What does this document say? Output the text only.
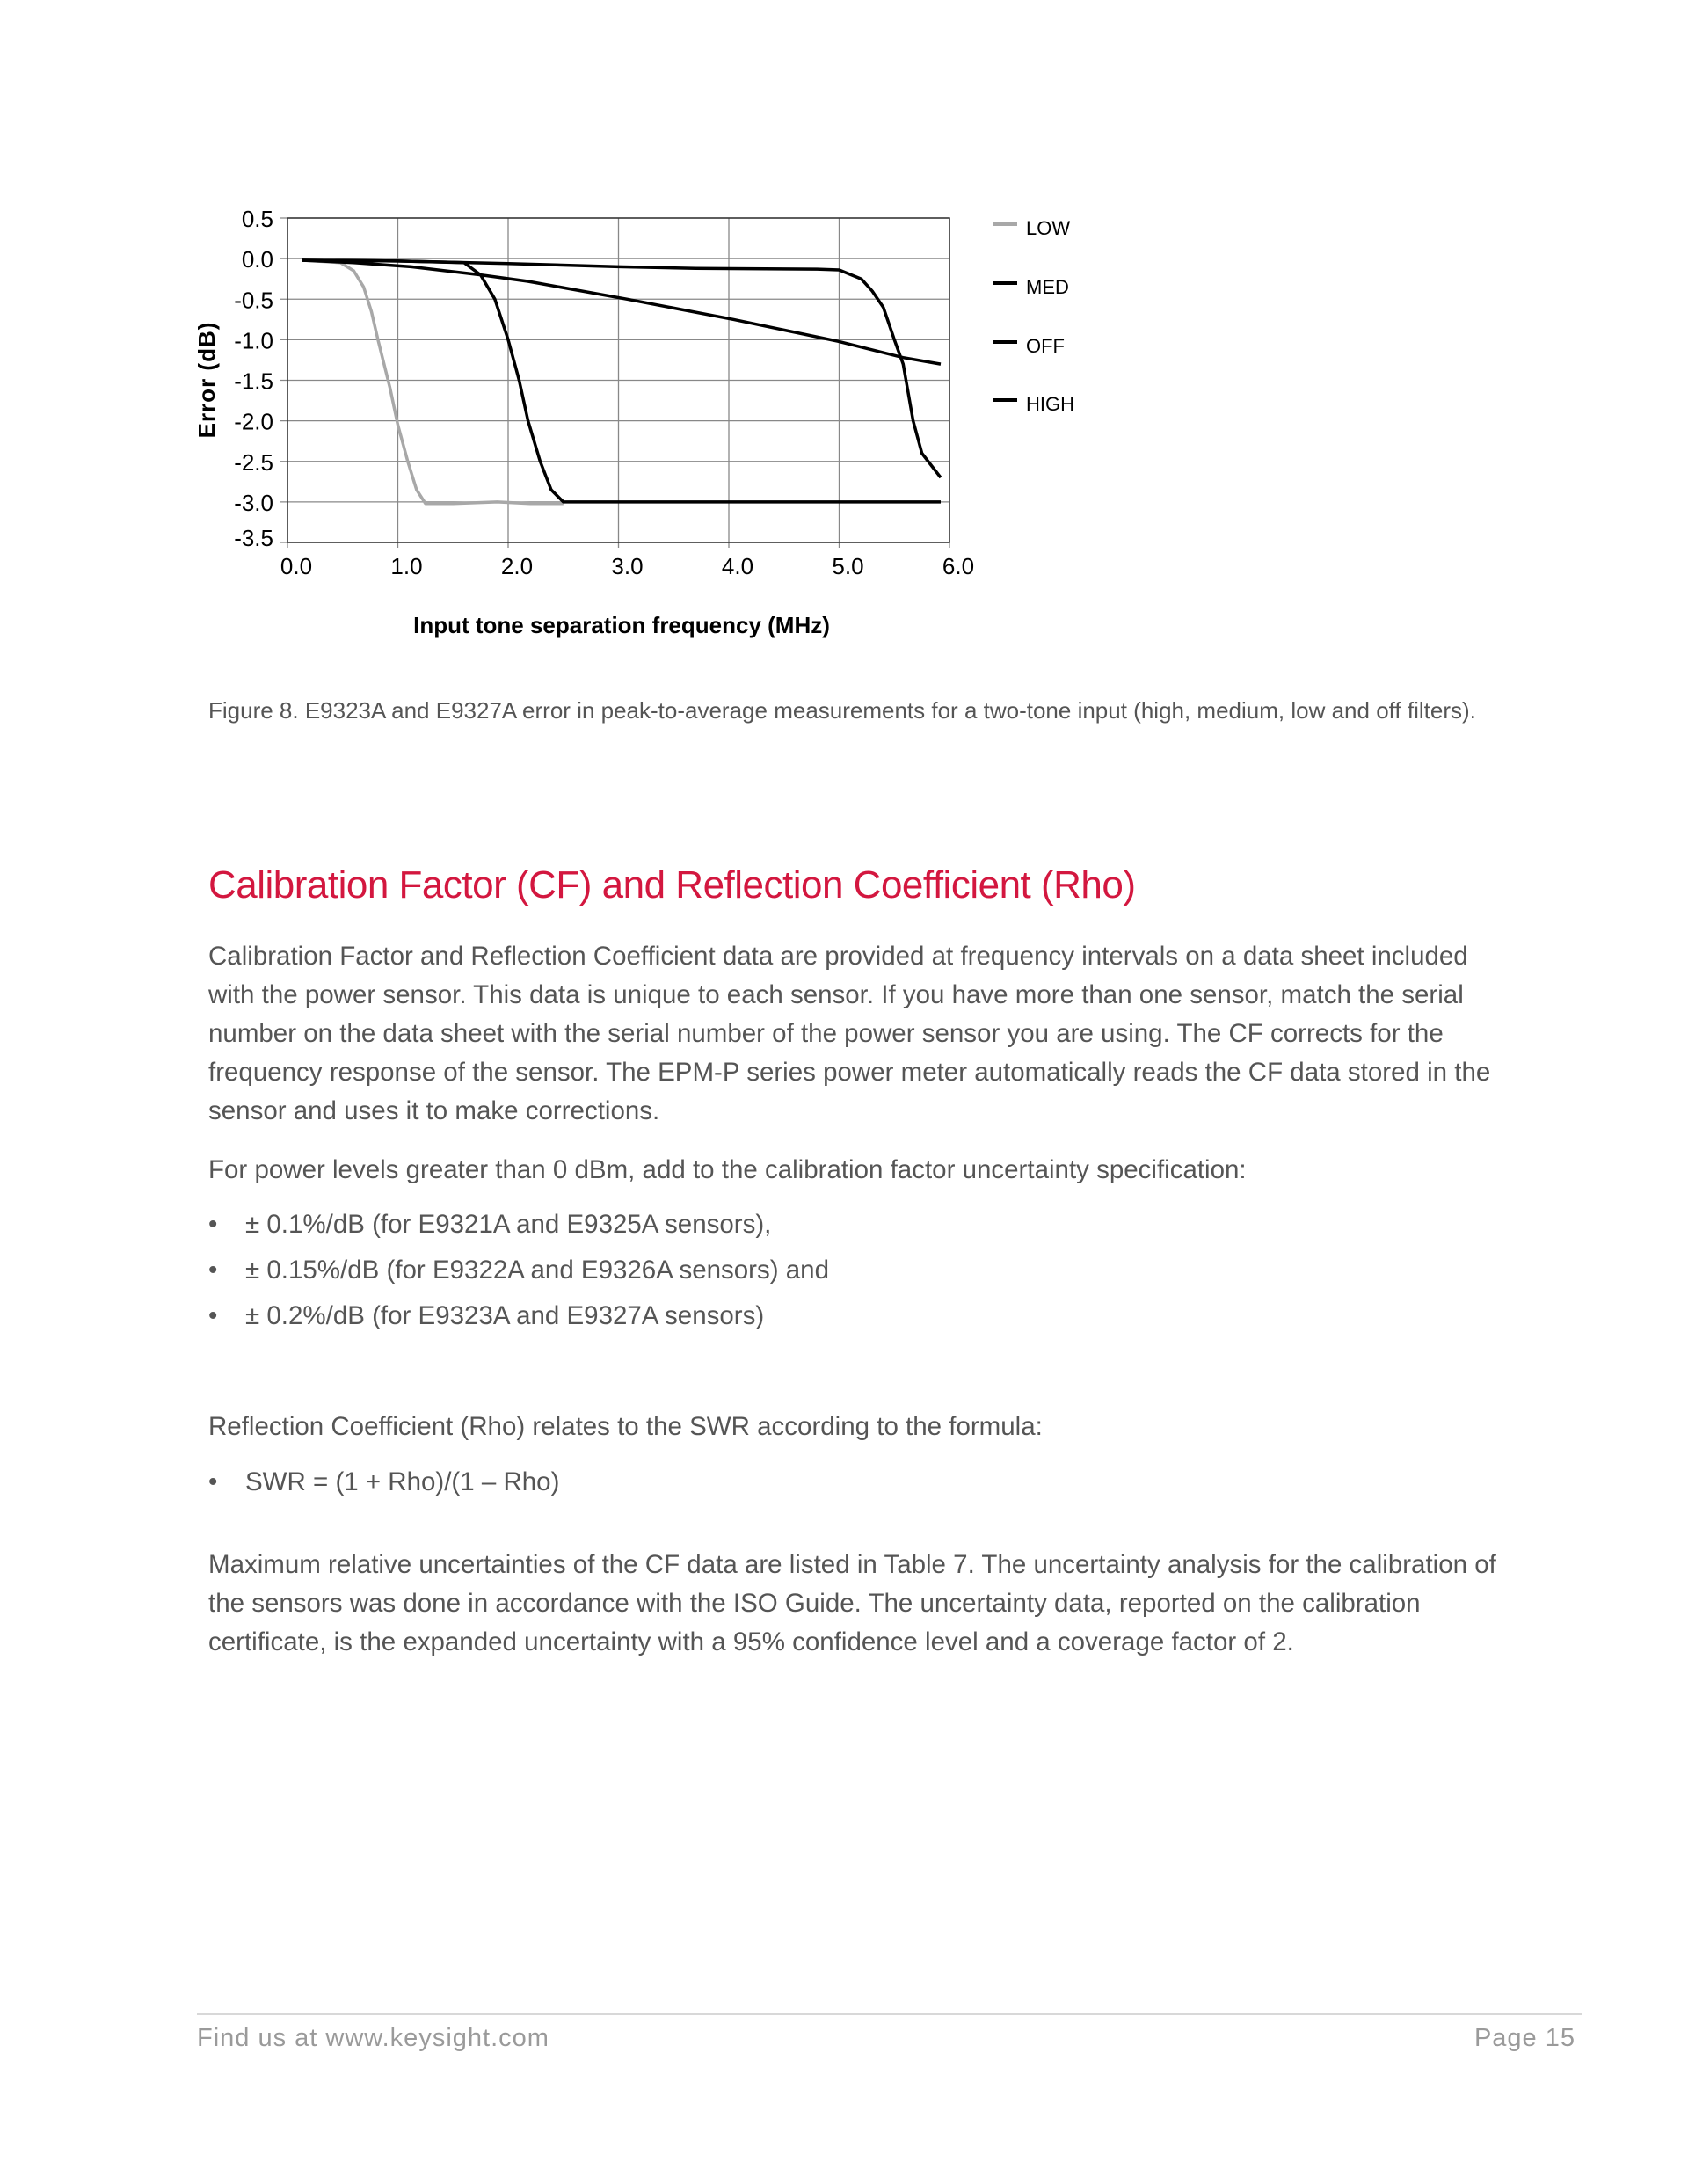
0.5
0.0
-0.5
-1.0
-1.5
-2.0
-2.5
-3.0
-3.5
0.0	1.0	2.0	3.0	4.0	5.0	6.0
Input tone separation frequency (MHz)
Error (dB)
LOW
MED
OFF
HIGH
Figure 8. E9323A and E9327A error in peak-to-average measurements for a two-tone input (high, medium, low and off filters).
Calibration Factor (CF) and Reflection Coefficient (Rho)

Calibration Factor and Reflection Coefficient data are provided at frequency intervals on a data sheet included with the power sensor. This data is unique to each sensor. If you have more than one sensor, match the serial number on the data sheet with the serial number of the power sensor you are using. The CF corrects for the frequency response of the sensor. The EPM-P series power meter automatically reads the CF data stored in the sensor and uses it to make corrections.

For power levels greater than 0 dBm, add to the calibration factor uncertainty specification:

• ± 0.1%/dB (for E9321A and E9325A sensors),
• ± 0.15%/dB (for E9322A and E9326A sensors) and
• ± 0.2%/dB (for E9323A and E9327A sensors)

Reflection Coefficient (Rho) relates to the SWR according to the formula:

• SWR = (1 + Rho)/(1 – Rho)

Maximum relative uncertainties of the CF data are listed in Table 7. The uncertainty analysis for the calibration of the sensors was done in accordance with the ISO Guide. The uncertainty data, reported on the calibration certificate, is the expanded uncertainty with a 95% confidence level and a coverage factor of 2.

Find us at www.keysight.com	Page 15
